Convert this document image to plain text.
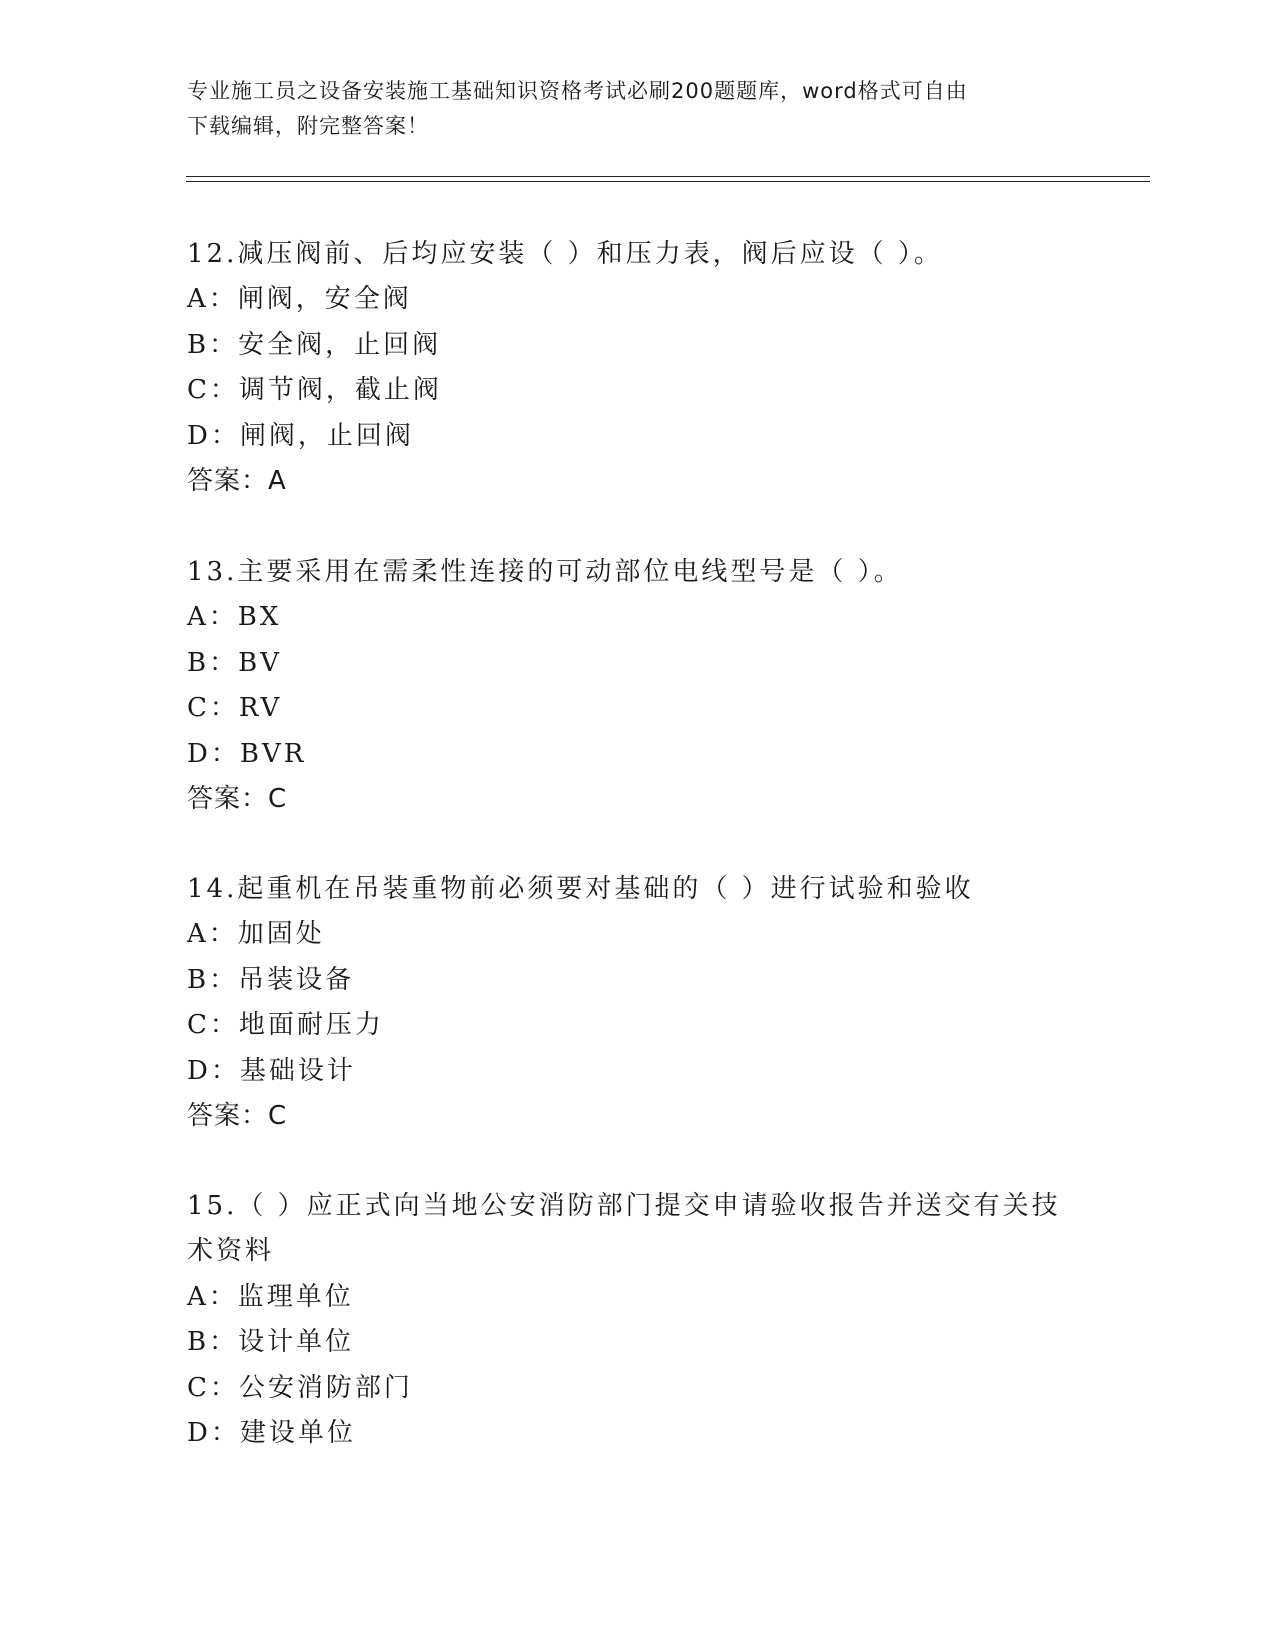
专业施工员之设备安装施工基础知识资格考试必刷200题题库，word格式可自由
下载编辑，附完整答案！
12.减压阀前、后均应安装（ ）和压力表，阀后应设（ ）。
A：闸阀，安全阀
B：安全阀，止回阀
C：调节阀，截止阀
D：闸阀，止回阀
答案：A
13.主要采用在需柔性连接的可动部位电线型号是（ ）。
A：BX
B：BV
C：RV
D：BVR
答案：C
14.起重机在吊装重物前必须要对基础的（ ）进行试验和验收
A：加固处
B：吊装设备
C：地面耐压力
D：基础设计
答案：C
15.（ ）应正式向当地公安消防部门提交申请验收报告并送交有关技
术资料
A：监理单位
B：设计单位
C：公安消防部门
D：建设单位
